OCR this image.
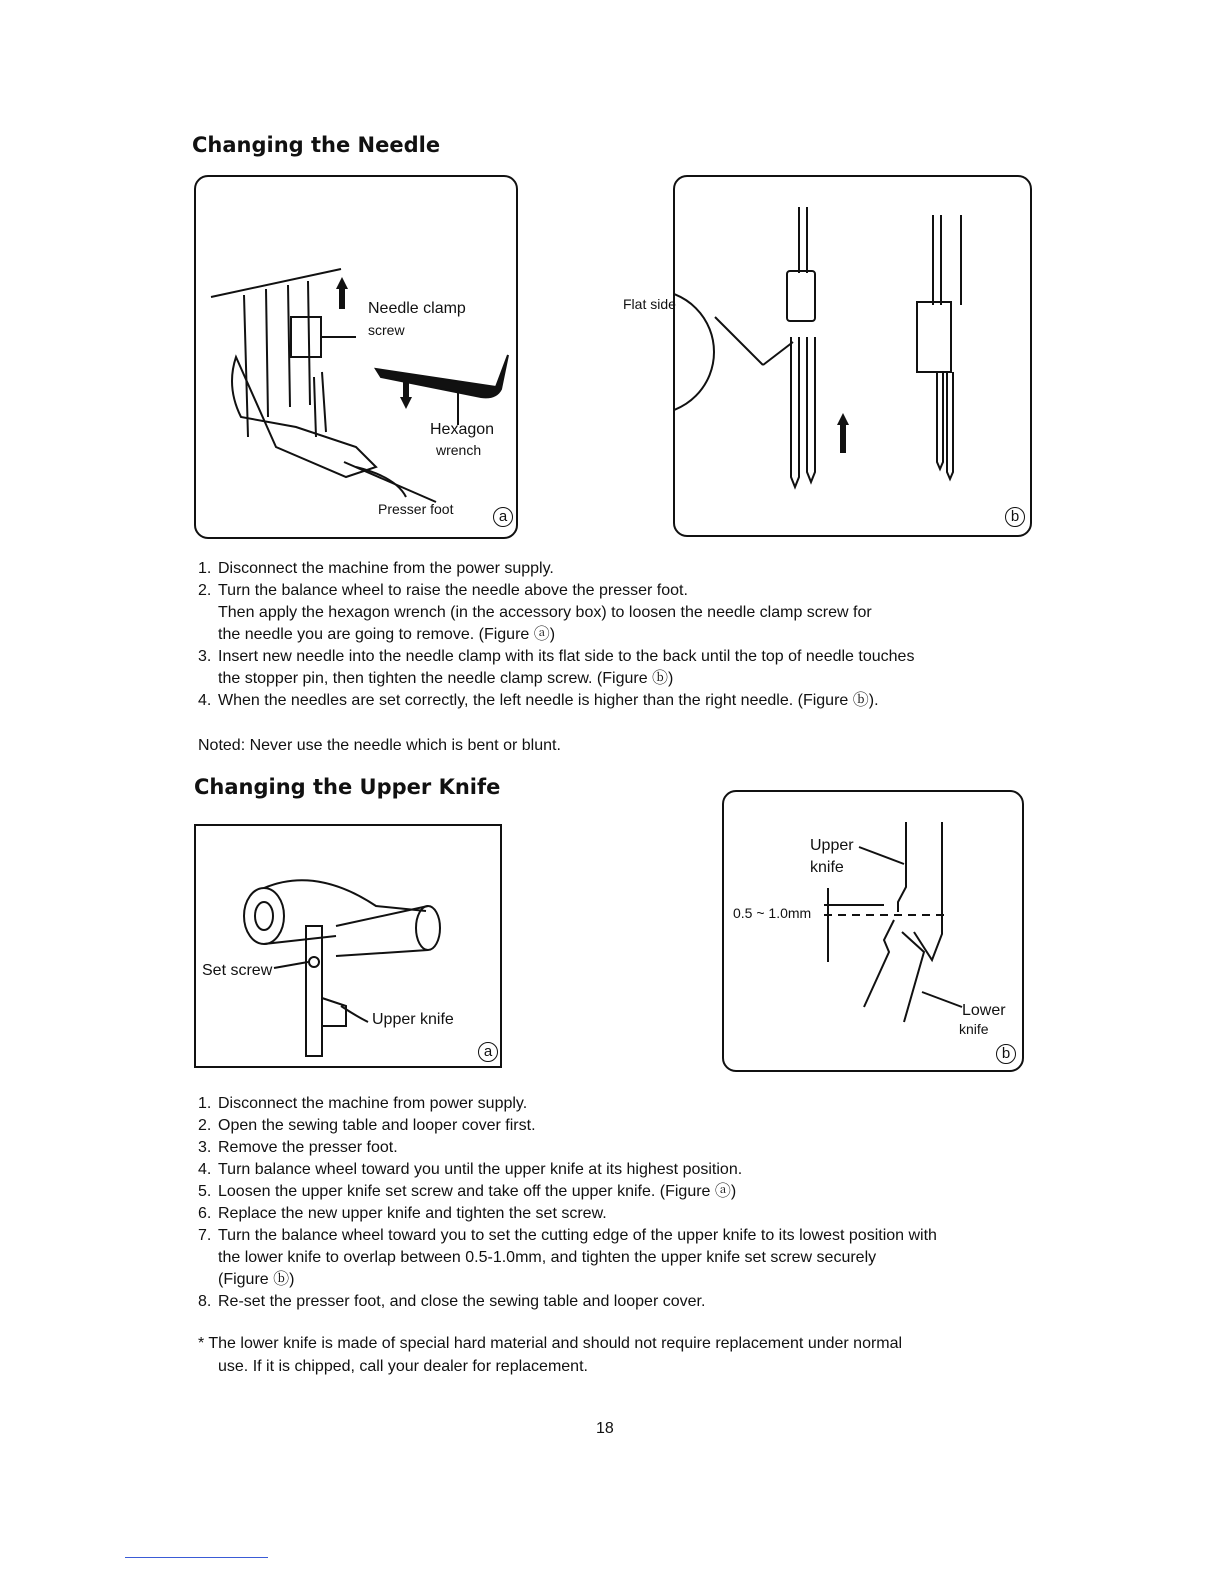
Changing the Needle
Needle clamp
screw
Hexagon
wrench
Presser foot	a
Flat side
b
1. Disconnect the machine from the power supply.
2. Turn the balance wheel to raise the needle above the presser foot.
Then apply the hexagon wrench (in the accessory box) to loosen the needle clamp screw for
the needle you are going to remove. (Figure ⓐ)
3. Insert new needle into the needle clamp with its flat side to the back until the top of needle touches
the stopper pin, then tighten the needle clamp screw. (Figure ⓑ)
4. When the needles are set correctly, the left needle is higher than the right needle. (Figure ⓑ).

Noted: Never use the needle which is bent or blunt.

Changing the Upper Knife
Set screw
Upper knife
a
Upper
knife
0.5 ~ 1.0mm
Lower
knife
b
1. Disconnect the machine from power supply.
2. Open the sewing table and looper cover first.
3. Remove the presser foot.
4. Turn balance wheel toward you until the upper knife at its highest position.
5. Loosen the upper knife set screw and take off the upper knife. (Figure ⓐ)
6. Replace the new upper knife and tighten the set screw.
7. Turn the balance wheel toward you to set the cutting edge of the upper knife to its lowest position with
the lower knife to overlap between 0.5-1.0mm, and tighten the upper knife set screw securely
(Figure ⓑ)
8. Re-set the presser foot, and close the sewing table and looper cover.

* The lower knife is made of special hard material and should not require replacement under normal

use. If it is chipped, call your dealer for replacement.

18
